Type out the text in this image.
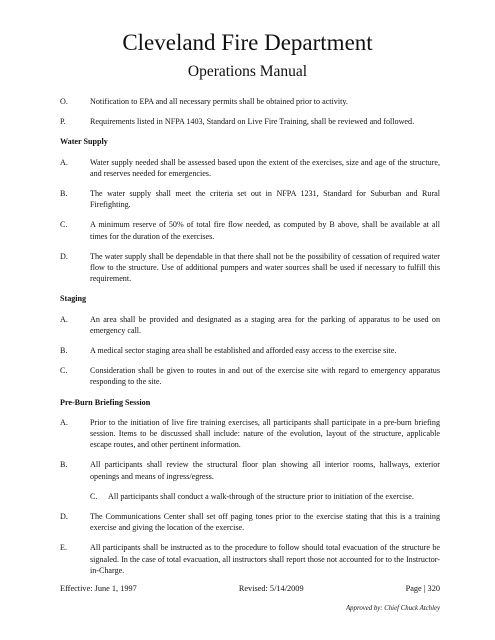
Cleveland Fire Department
Operations Manual
O.	Notification to EPA and all necessary permits shall be obtained prior to activity.
P.	Requirements listed in NFPA 1403, Standard on Live Fire Training, shall be reviewed and followed.
Water Supply
A.	Water supply needed shall be assessed based upon the extent of the exercises, size and age of the structure, and reserves needed for emergencies.
B.	The water supply shall meet the criteria set out in NFPA 1231, Standard for Suburban and Rural Firefighting.
C.	A minimum reserve of 50% of total fire flow needed, as computed by B above, shall be available at all times for the duration of the exercises.
D.	The water supply shall be dependable in that there shall not be the possibility of cessation of required water flow to the structure. Use of additional pumpers and water sources shall be used if necessary to fulfill this requirement.
Staging
A.	An area shall be provided and designated as a staging area for the parking of apparatus to be used on emergency call.
B.	A medical sector staging area shall be established and afforded easy access to the exercise site.
C.	Consideration shall be given to routes in and out of the exercise site with regard to emergency apparatus responding to the site.
Pre-Burn Briefing Session
A.	Prior to the initiation of live fire training exercises, all participants shall participate in a pre-burn briefing session. Items to be discussed shall include: nature of the evolution, layout of the structure, applicable escape routes, and other pertinent information.
B.	All participants shall review the structural floor plan showing all interior rooms, hallways, exterior openings and means of ingress/egress.
C. All participants shall conduct a walk-through of the structure prior to initiation of the exercise.
D.	The Communications Center shall set off paging tones prior to the exercise stating that this is a training exercise and giving the location of the exercise.
E.	All participants shall be instructed as to the procedure to follow should total evacuation of the structure be signaled. In the case of total evacuation, all instructors shall report those not accounted for to the Instructor-in-Charge.
Effective: June 1, 1997	Revised: 5/14/2009	Page | 320
Approved by: Chief Chuck Atchley
